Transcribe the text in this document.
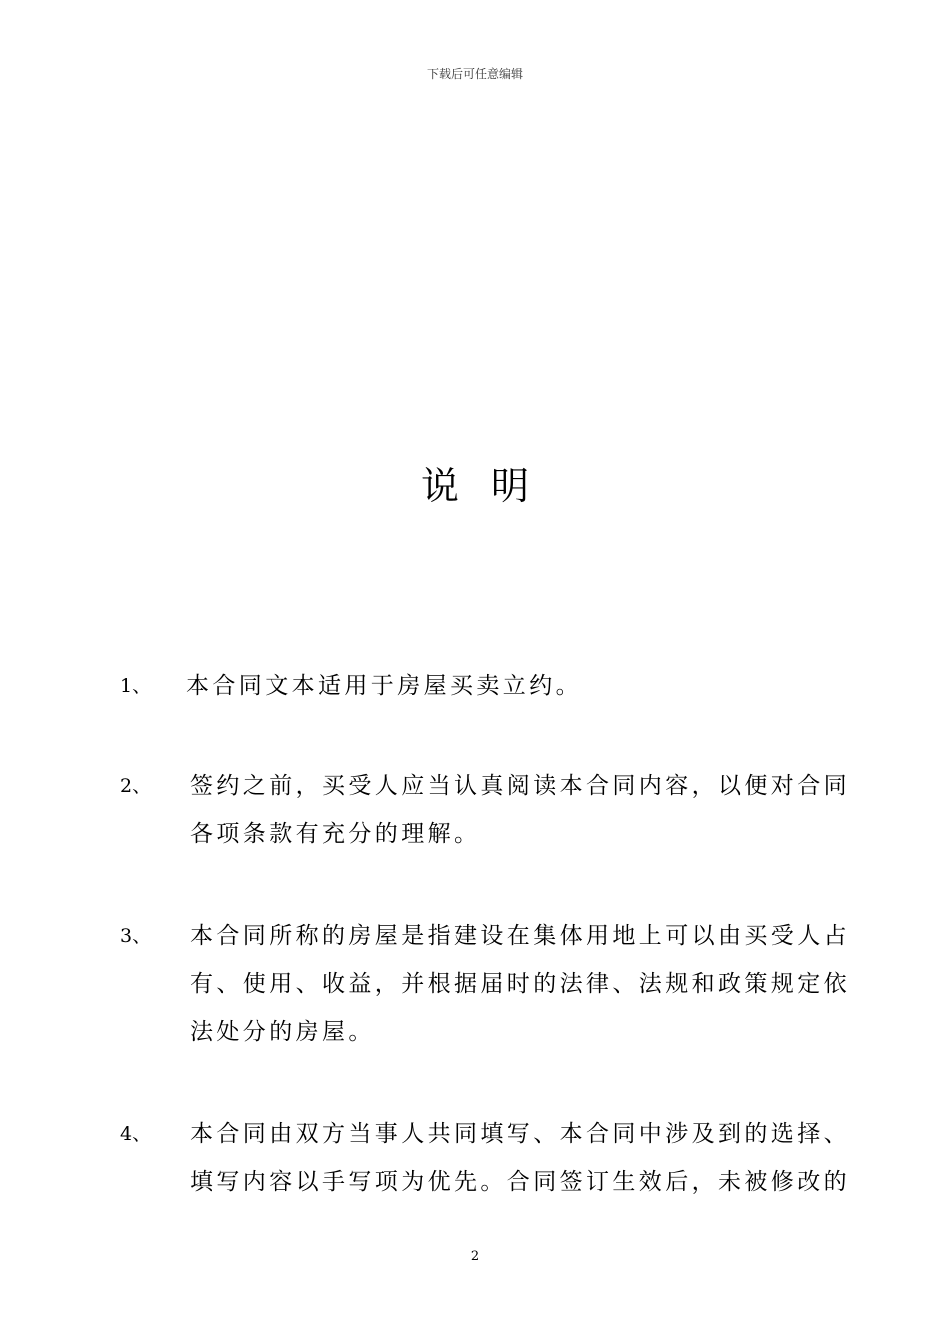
下载后可任意编辑
说明
1、 本合同文本适用于房屋买卖立约。
2、 签约之前，买受人应当认真阅读本合同内容，以便对合同
各项条款有充分的理解。
3、 本合同所称的房屋是指建设在集体用地上可以由买受人占
有、使用、收益，并根据届时的法律、法规和政策规定依
法处分的房屋。
4、 本合同由双方当事人共同填写、本合同中涉及到的选择、
填写内容以手写项为优先。合同签订生效后，未被修改的
2
